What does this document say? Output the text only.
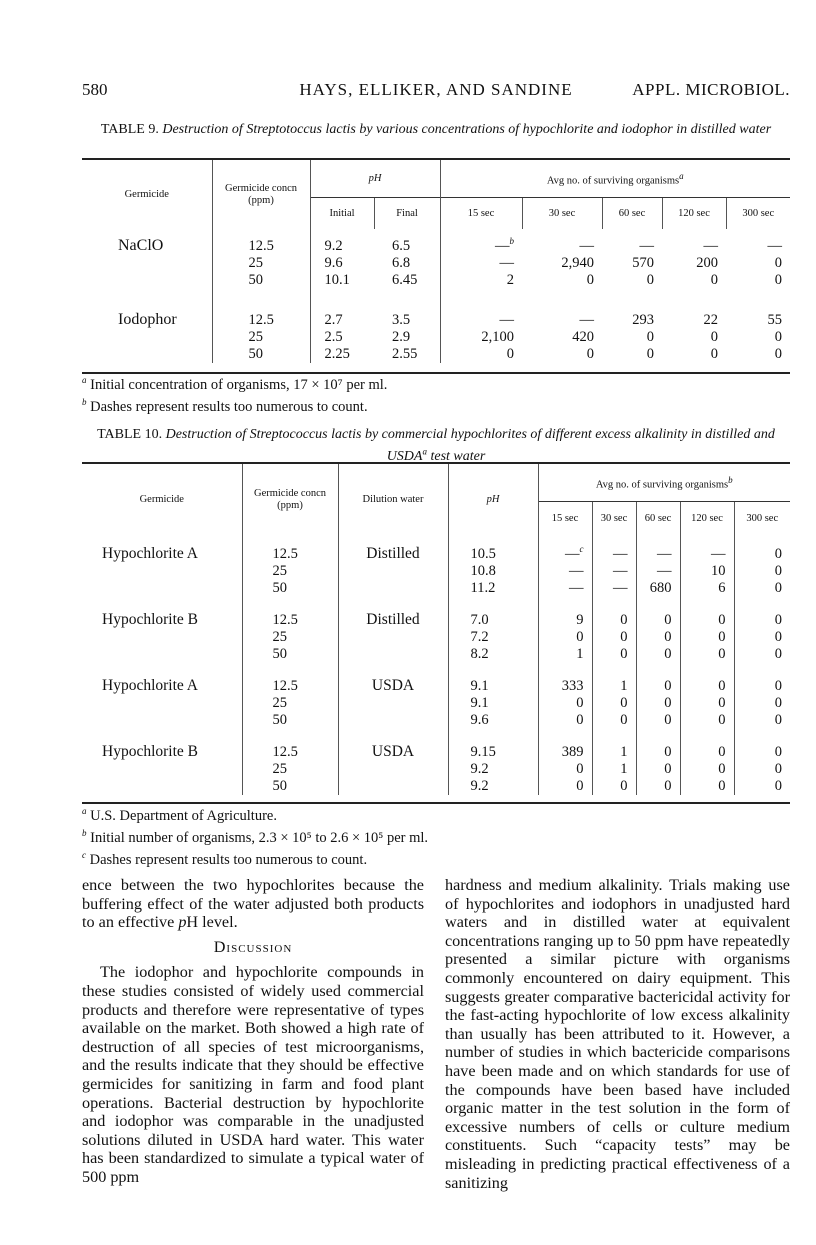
580	HAYS, ELLIKER, AND SANDINE	APPL. MICROBIOL.
TABLE 9. Destruction of Streptotoccus lactis by various concentrations of hypochlorite and iodophor in distilled water
Germicide	Germicide concn (ppm)	pH		Avg no. of surviving organisms$^a$
		Initial	Final	15 sec	30 sec	60 sec	120 sec	300 sec
NaClO	12.5	9.2	6.5	—$^b$	—	—	—	—
	25	9.6	6.8	—	2,940	570	200	0
	50	10.1	6.45	2	0	0	0	0
Iodophor	12.5	2.7	3.5	—	—	293	22	55
	25	2.5	2.9	2,100	420	0	0	0
	50	2.25	2.55	0	0	0	0	0

$^a$ Initial concentration of organisms, 17 × 10⁷ per ml.
$^b$ Dashes represent results too numerous to count.
TABLE 10. Destruction of Streptococcus lactis by commercial hypochlorites of different excess alkalinity in distilled and USDA$^a$ test water
Germicide	Germicide concn (ppm)	Dilution water	pH	Avg no. of surviving organisms$^b$
				15 sec	30 sec	60 sec	120 sec	300 sec
Hypochlorite A	12.5	Distilled	10.5	—$^c$	—	—	—	0
	25		10.8	—	—	—	10	0
	50		11.2	—	—	680	6	0
Hypochlorite B	12.5	Distilled	7.0	9	0	0	0	0
	25		7.2	0	0	0	0	0
	50		8.2	1	0	0	0	0
Hypochlorite A	12.5	USDA	9.1	333	1	0	0	0
	25		9.1	0	0	0	0	0
	50		9.6	0	0	0	0	0
Hypochlorite B	12.5	USDA	9.15	389	1	0	0	0
	25		9.2	0	1	0	0	0
	50		9.2	0	0	0	0	0

$^a$ U.S. Department of Agriculture.
$^b$ Initial number of organisms, 2.3 × 10⁵ to 2.6 × 10⁵ per ml.
$^c$ Dashes represent results too numerous to count.

ence between the two hypochlorites because the buffering effect of the water adjusted both products to an effective pH level.

Discussion

The iodophor and hypochlorite compounds in these studies consisted of widely used commercial products and therefore were representative of types available on the market. Both showed a high rate of destruction of all species of test microorganisms, and the results indicate that they should be effective germicides for sanitizing in farm and food plant operations. Bacterial destruction by hypochlorite and iodophor was comparable in the unadjusted solutions diluted in USDA hard water. This water has been standardized to simulate a typical water of 500 ppm

hardness and medium alkalinity. Trials making use of hypochlorites and iodophors in unadjusted hard waters and in distilled water at equivalent concentrations ranging up to 50 ppm have repeatedly presented a similar picture with organisms commonly encountered on dairy equipment. This suggests greater comparative bactericidal activity for the fast-acting hypochlorite of low excess alkalinity than usually has been attributed to it. However, a number of studies in which bactericide comparisons have been made and on which standards for use of the compounds have been based have included organic matter in the test solution in the form of excessive numbers of cells or culture medium constituents. Such “capacity tests” may be misleading in predicting practical effectiveness of a sanitizing
